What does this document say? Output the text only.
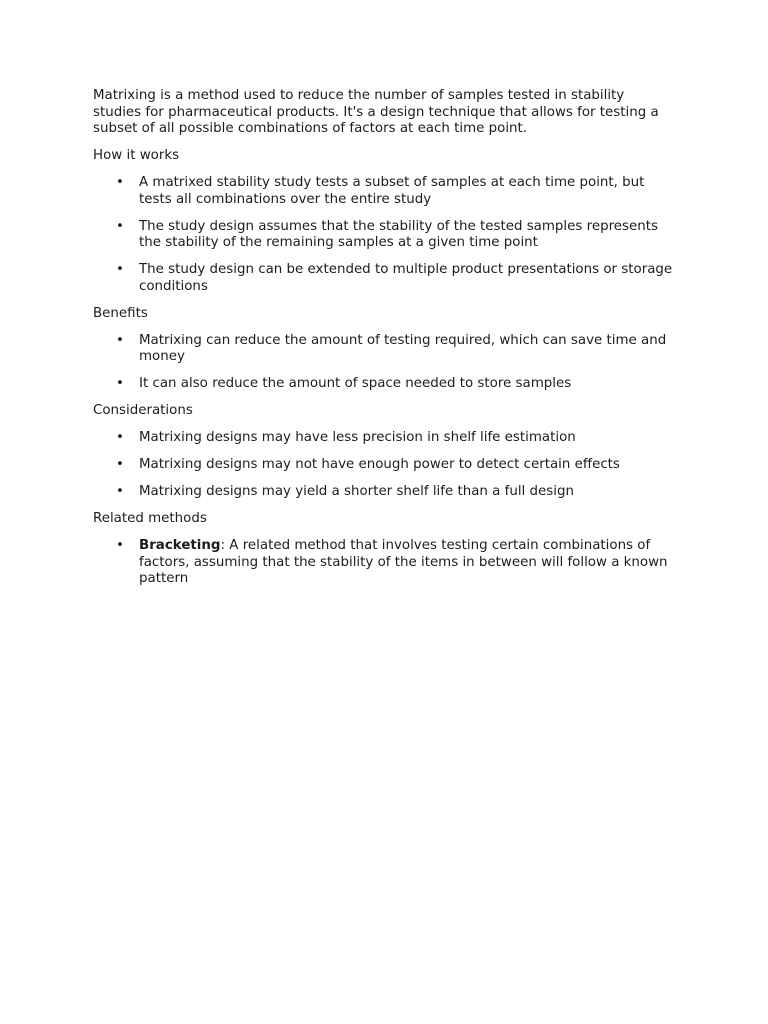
Matrixing is a method used to reduce the number of samples tested in stability studies for pharmaceutical products. It's a design technique that allows for testing a subset of all possible combinations of factors at each time point.

How it works
• A matrixed stability study tests a subset of samples at each time point, but tests all combinations over the entire study
• The study design assumes that the stability of the tested samples represents the stability of the remaining samples at a given time point
• The study design can be extended to multiple product presentations or storage conditions
Benefits
• Matrixing can reduce the amount of testing required, which can save time and money
• It can also reduce the amount of space needed to store samples
Considerations
• Matrixing designs may have less precision in shelf life estimation
• Matrixing designs may not have enough power to detect certain effects
• Matrixing designs may yield a shorter shelf life than a full design
Related methods
• Bracketing: A related method that involves testing certain combinations of factors, assuming that the stability of the items in between will follow a known pattern
